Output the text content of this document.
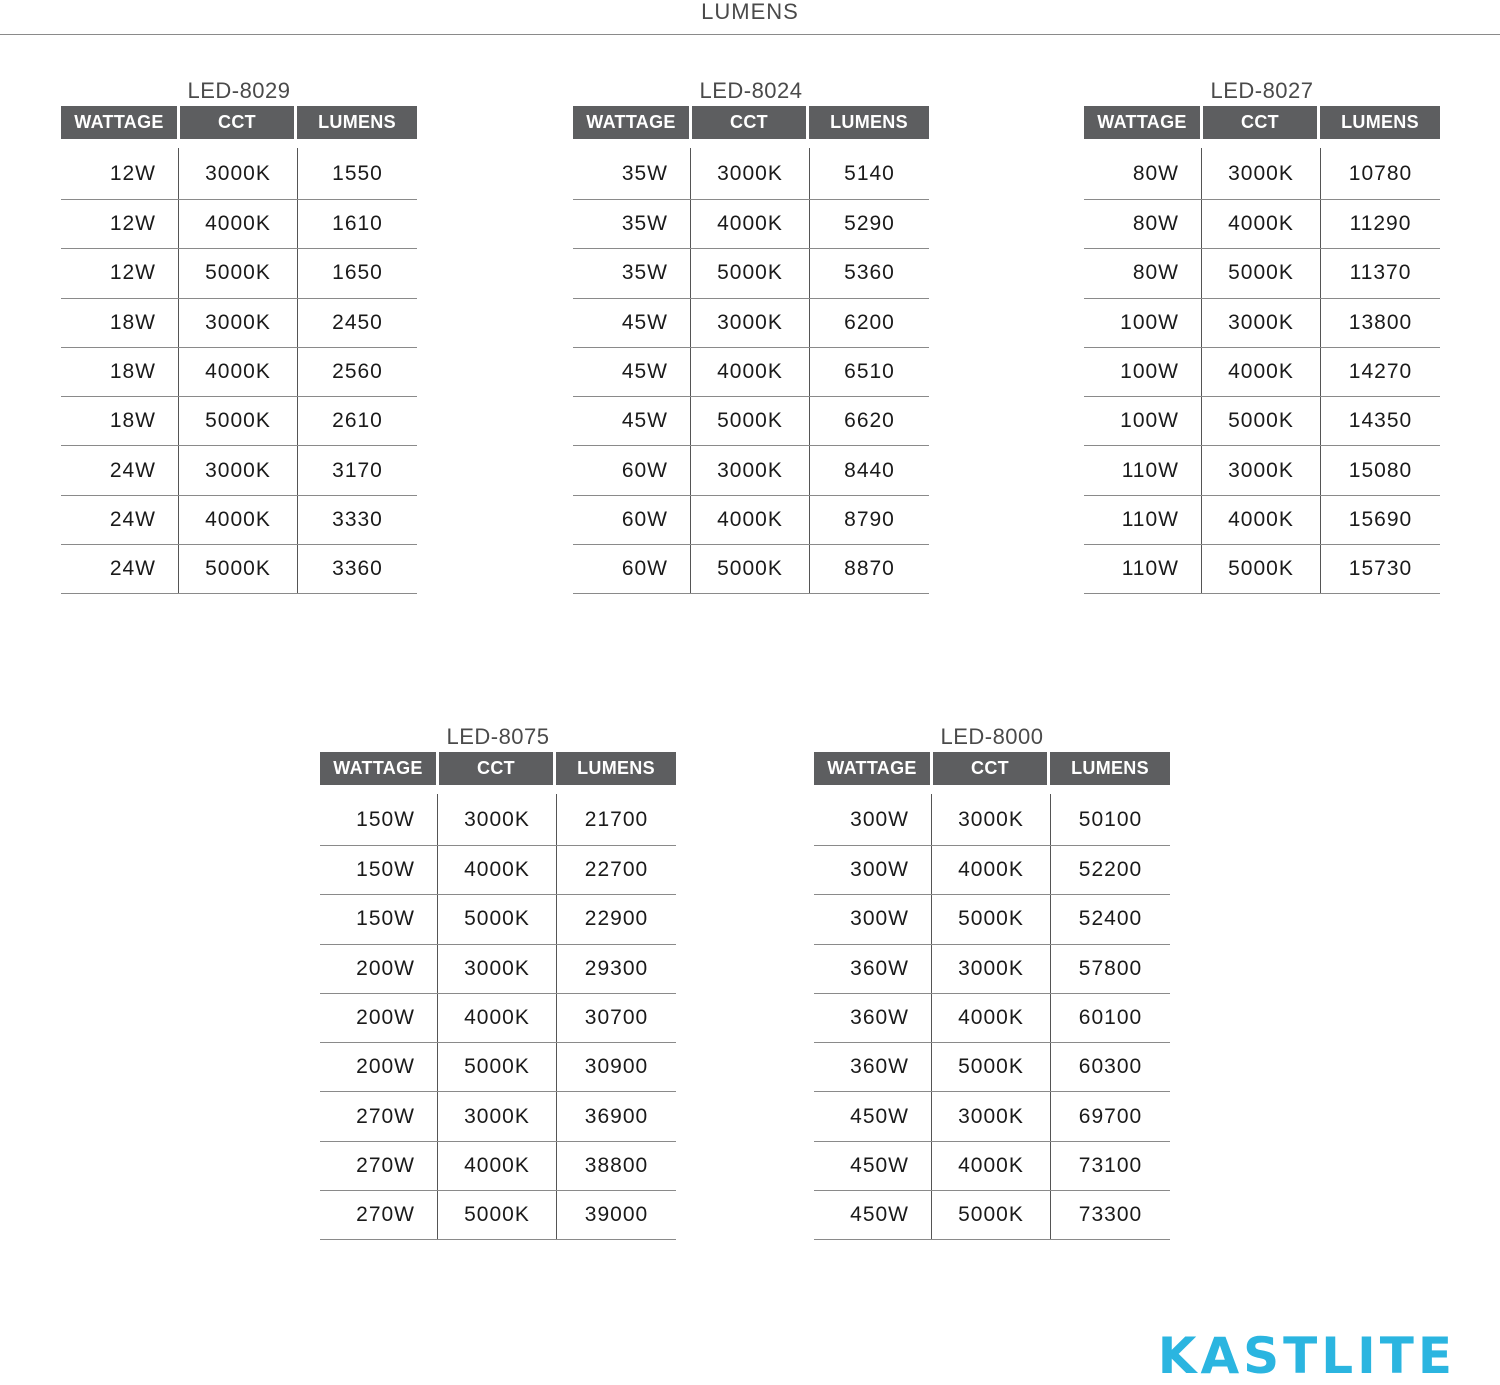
LUMENS
LED-8029
WATTAGE	CCT	LUMENS
12W	3000K	1550
12W	4000K	1610
12W	5000K	1650
18W	3000K	2450
18W	4000K	2560
18W	5000K	2610
24W	3000K	3170
24W	4000K	3330
24W	5000K	3360
LED-8024
WATTAGE	CCT	LUMENS
35W	3000K	5140
35W	4000K	5290
35W	5000K	5360
45W	3000K	6200
45W	4000K	6510
45W	5000K	6620
60W	3000K	8440
60W	4000K	8790
60W	5000K	8870
LED-8027
WATTAGE	CCT	LUMENS
80W	3000K	10780
80W	4000K	11290
80W	5000K	11370
100W	3000K	13800
100W	4000K	14270
100W	5000K	14350
110W	3000K	15080
110W	4000K	15690
110W	5000K	15730
LED-8075
WATTAGE	CCT	LUMENS
150W	3000K	21700
150W	4000K	22700
150W	5000K	22900
200W	3000K	29300
200W	4000K	30700
200W	5000K	30900
270W	3000K	36900
270W	4000K	38800
270W	5000K	39000
LED-8000
WATTAGE	CCT	LUMENS
300W	3000K	50100
300W	4000K	52200
300W	5000K	52400
360W	3000K	57800
360W	4000K	60100
360W	5000K	60300
450W	3000K	69700
450W	4000K	73100
450W	5000K	73300
KASTLITE
